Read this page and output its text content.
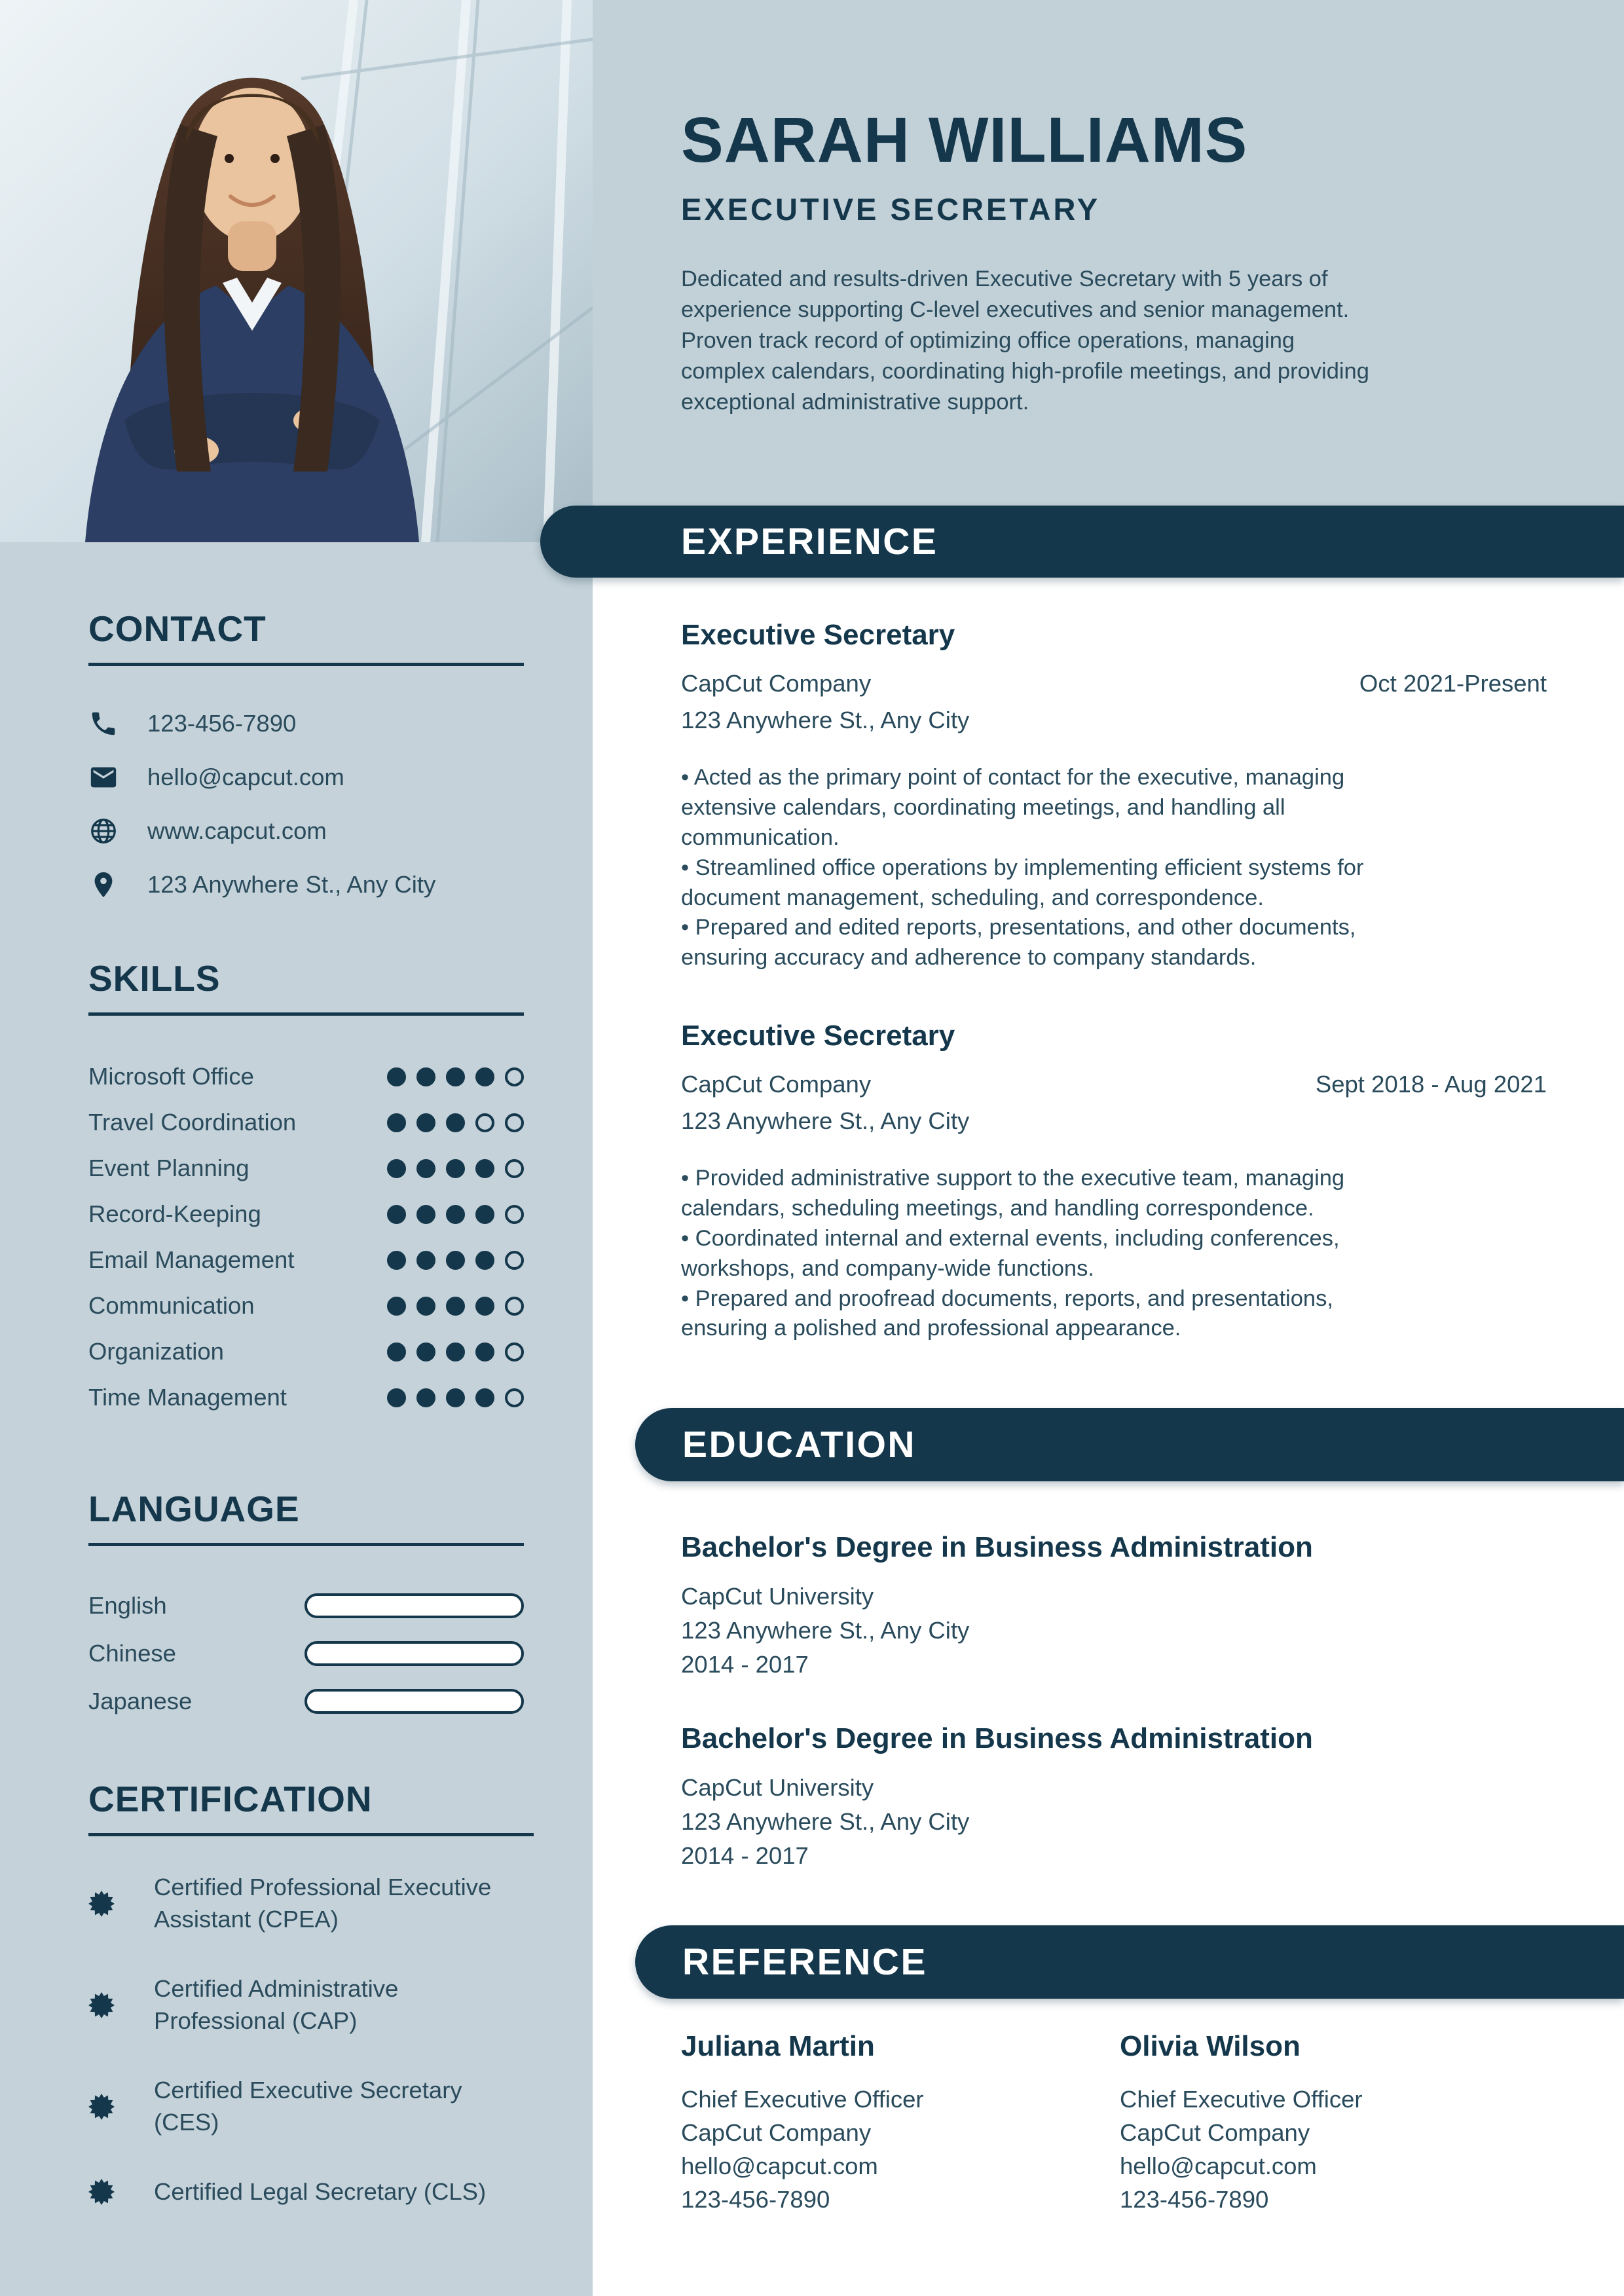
SARAH WILLIAMS
EXECUTIVE SECRETARY

Dedicated and results-driven Executive Secretary with 5 years of experience supporting C-level executives and senior management. Proven track record of optimizing office operations, managing complex calendars, coordinating high-profile meetings, and providing exceptional administrative support.

EXPERIENCE
Executive Secretary
CapCut Company	Oct 2021-Present
123 Anywhere St., Any City

• Acted as the primary point of contact for the executive, managing extensive calendars, coordinating meetings, and handling all communication.

• Streamlined office operations by implementing efficient systems for document management, scheduling, and correspondence.

• Prepared and edited reports, presentations, and other documents, ensuring accuracy and adherence to company standards.

Executive Secretary
CapCut Company	Sept 2018 - Aug 2021
123 Anywhere St., Any City

• Provided administrative support to the executive team, managing calendars, scheduling meetings, and handling correspondence.

• Coordinated internal and external events, including conferences, workshops, and company-wide functions.

• Prepared and proofread documents, reports, and presentations, ensuring a polished and professional appearance.

EDUCATION
Bachelor's Degree in Business Administration
CapCut University
123 Anywhere St., Any City
2014 - 2017
Bachelor's Degree in Business Administration
CapCut University
123 Anywhere St., Any City
2014 - 2017
REFERENCE
Juliana Martin
Chief Executive Officer
CapCut Company
hello@capcut.com
123-456-7890
Olivia Wilson
Chief Executive Officer
CapCut Company
hello@capcut.com
123-456-7890
CONTACT
123-456-7890
hello@capcut.com
www.capcut.com
123 Anywhere St., Any City
SKILLS
Microsoft Office
Travel Coordination
Event Planning
Record-Keeping
Email Management
Communication
Organization
Time Management
LANGUAGE
English
Chinese
Japanese
CERTIFICATION
Certified Professional Executive Assistant (CPEA)
Certified Administrative Professional (CAP)
Certified Executive Secretary (CES)
Certified Legal Secretary (CLS)
